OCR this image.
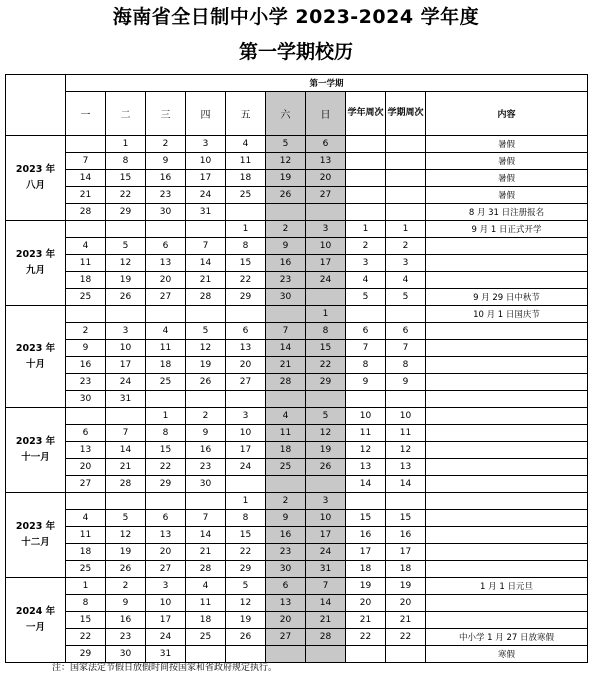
海南省全日制中小学 2023-2024 学年度
第一学期校历
	第一学期									
	一	二	三	四	五	六	日	学年周次	学期周次	内容

2023 年
八月		1	2	3	4	5	6			暑假
	7	8	9	10	11	12	13			暑假
	14	15	16	17	18	19	20			暑假
	21	22	23	24	25	26	27			暑假
	28	29	30	31						8 月 31 日注册报名

2023 年
九月					1	2	3	1	1	9 月 1 日正式开学
	4	5	6	7	8	9	10	2	2	
	11	12	13	14	15	16	17	3	3	
	18	19	20	21	22	23	24	4	4	
	25	26	27	28	29	30		5	5	9 月 29 日中秋节

2023 年
十月							1			10 月 1 日国庆节
	2	3	4	5	6	7	8	6	6	
	9	10	11	12	13	14	15	7	7	
	16	17	18	19	20	21	22	8	8	
	23	24	25	26	27	28	29	9	9	
	30	31								

2023 年
十一月			1	2	3	4	5	10	10	
	6	7	8	9	10	11	12	11	11	
	13	14	15	16	17	18	19	12	12	
	20	21	22	23	24	25	26	13	13	
	27	28	29	30				14	14	

2023 年
十二月					1	2	3			
	4	5	6	7	8	9	10	15	15	
	11	12	13	14	15	16	17	16	16	
	18	19	20	21	22	23	24	17	17	
	25	26	27	28	29	30	31	18	18	

2024 年
一月	1	2	3	4	5	6	7	19	19	1 月 1 日元旦
	8	9	10	11	12	13	14	20	20	
	15	16	17	18	19	20	21	21	21	
	22	23	24	25	26	27	28	22	22	中小学 1 月 27 日放寒假
	29	30	31							寒假
注：国家法定节假日放假时间按国家和省政府规定执行。
